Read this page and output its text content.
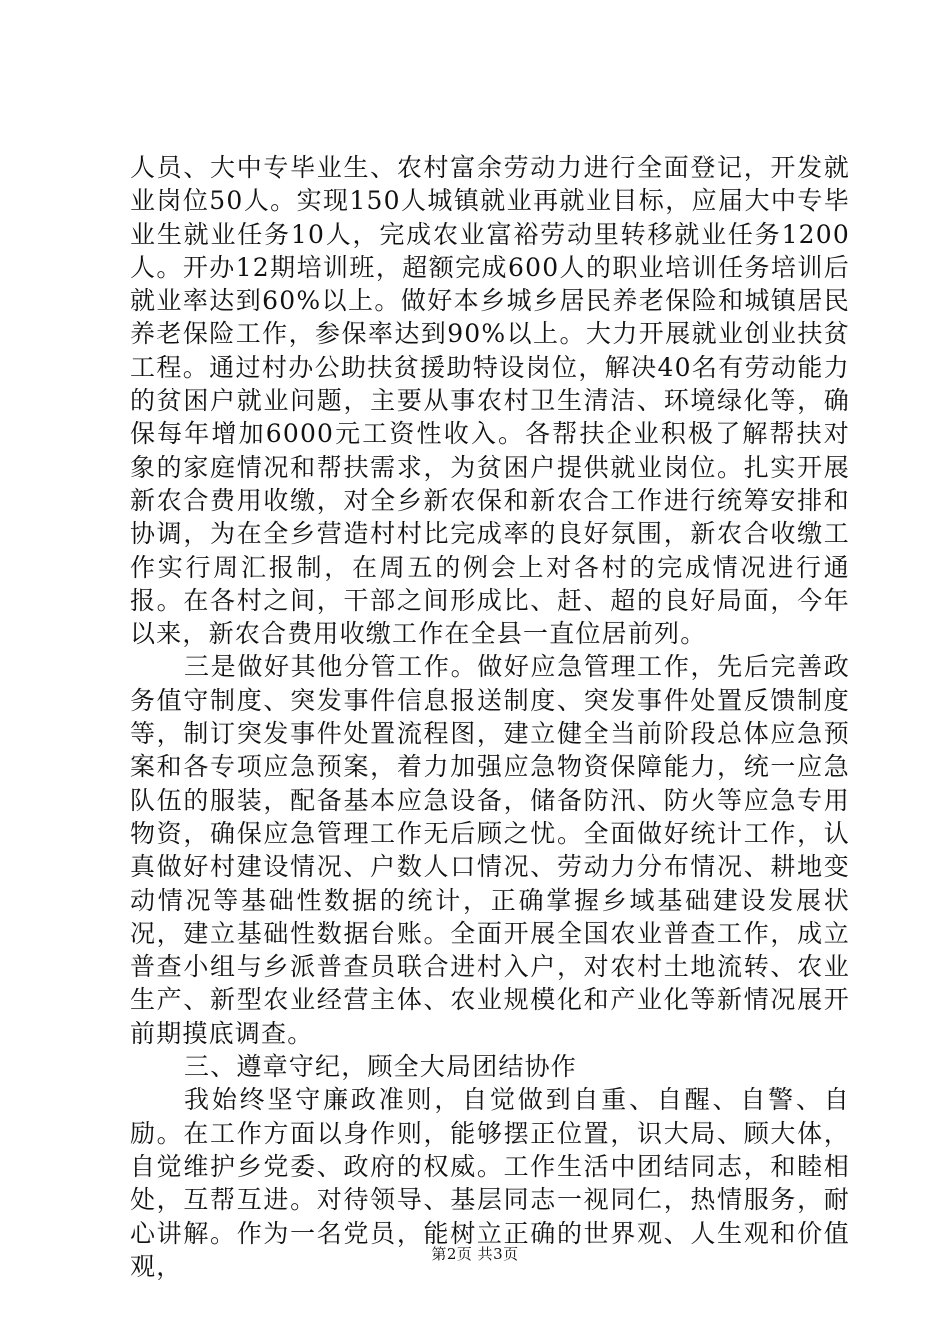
人员、大中专毕业生、农村富余劳动力进行全面登记，开发就业岗位50人。实现150人城镇就业再就业目标，应届大中专毕业生就业任务10人，完成农业富裕劳动里转移就业任务1200人。开办12期培训班，超额完成600人的职业培训任务培训后就业率达到60%以上。做好本乡城乡居民养老保险和城镇居民养老保险工作，参保率达到90%以上。大力开展就业创业扶贫工程。通过村办公助扶贫援助特设岗位，解决40名有劳动能力的贫困户就业问题，主要从事农村卫生清洁、环境绿化等，确保每年增加6000元工资性收入。各帮扶企业积极了解帮扶对象的家庭情况和帮扶需求，为贫困户提供就业岗位。扎实开展新农合费用收缴，对全乡新农保和新农合工作进行统筹安排和协调，为在全乡营造村村比完成率的良好氛围，新农合收缴工作实行周汇报制，在周五的例会上对各村的完成情况进行通报。在各村之间，干部之间形成比、赶、超的良好局面，今年以来，新农合费用收缴工作在全县一直位居前列。

三是做好其他分管工作。做好应急管理工作，先后完善政务值守制度、突发事件信息报送制度、突发事件处置反馈制度等，制订突发事件处置流程图，建立健全当前阶段总体应急预案和各专项应急预案，着力加强应急物资保障能力，统一应急队伍的服装，配备基本应急设备，储备防汛、防火等应急专用物资，确保应急管理工作无后顾之忧。全面做好统计工作，认真做好村建设情况、户数人口情况、劳动力分布情况、耕地变动情况等基础性数据的统计，正确掌握乡域基础建设发展状况，建立基础性数据台账。全面开展全国农业普查工作，成立普查小组与乡派普查员联合进村入户，对农村土地流转、农业生产、新型农业经营主体、农业规模化和产业化等新情况展开前期摸底调查。

三、遵章守纪，顾全大局团结协作

我始终坚守廉政准则，自觉做到自重、自醒、自警、自励。在工作方面以身作则，能够摆正位置，识大局、顾大体，自觉维护乡党委、政府的权威。工作生活中团结同志，和睦相处，互帮互进。对待领导、基层同志一视同仁，热情服务，耐心讲解。作为一名党员，能树立正确的世界观、人生观和价值观，	第2页 共3页
